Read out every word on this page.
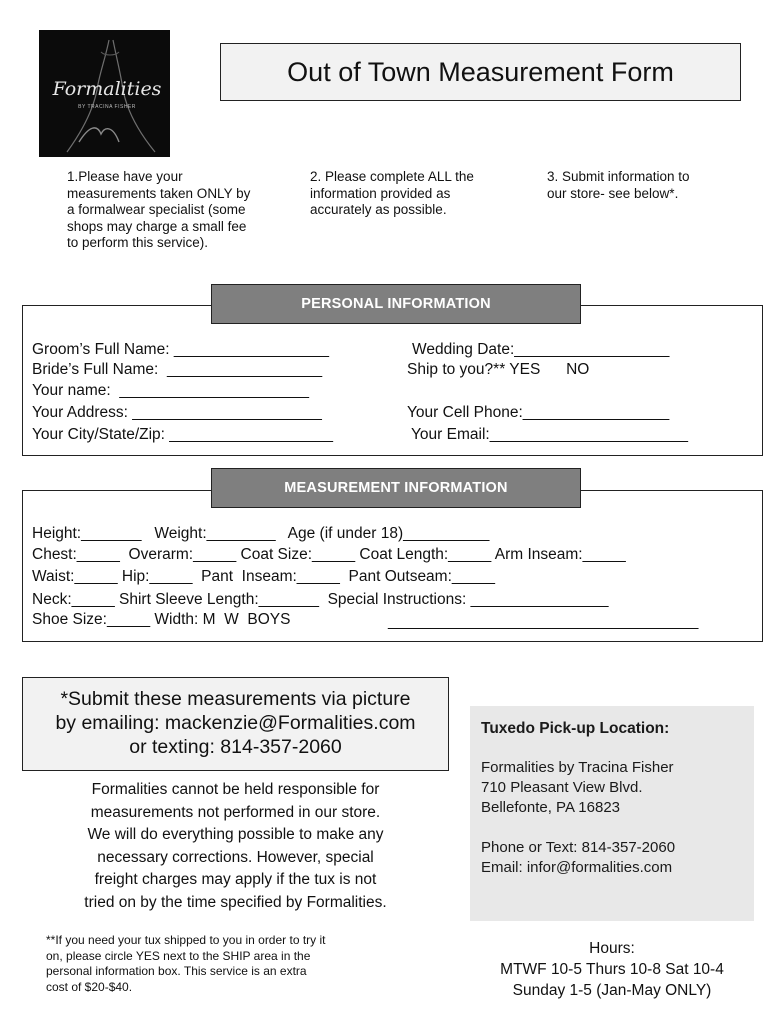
Formalities
BY TRACINA FISHER
Out of Town Measurement Form
1.Please have your
measurements taken ONLY by
a formalwear specialist (some
shops may charge a small fee
to perform this service).
2. Please complete ALL the
information provided as
accurately as possible.
3. Submit information to
our store- see below*.
PERSONAL INFORMATION
Groom’s Full Name: __________________	Wedding Date:__________________
Bride’s Full Name:  __________________	Ship to you?** YES      NO
Your name:  ______________________
Your Address: ______________________	Your Cell Phone:_________________
Your City/State/Zip: ___________________	Your Email:_______________________
MEASUREMENT INFORMATION
Height:_______   Weight:________   Age (if under 18)__________
Chest:_____  Overarm:_____ Coat Size:_____ Coat Length:_____ Arm Inseam:_____
Waist:_____ Hip:_____  Pant  Inseam:_____  Pant Outseam:_____
Neck:_____ Shirt Sleeve Length:_______  Special Instructions: ________________
Shoe Size:_____ Width: M  W  BOYS	____________________________________
*Submit these measurements via picture
by emailing: mackenzie@Formalities.com
or texting: 814-357-2060
Formalities cannot be held responsible for
measurements not performed in our store.
We will do everything possible to make any
necessary corrections. However, special
freight charges may apply if the tux is not
tried on by the time specified by Formalities.
**If you need your tux shipped to you in order to try it
on, please circle YES next to the SHIP area in the
personal information box. This service is an extra
cost of $20-$40.
Tuxedo Pick-up Location:
Formalities by Tracina Fisher
710 Pleasant View Blvd.
Bellefonte, PA 16823
Phone or Text: 814-357-2060
Email: infor@formalities.com
Hours:
MTWF 10-5 Thurs 10-8 Sat 10-4
Sunday 1-5 (Jan-May ONLY)
